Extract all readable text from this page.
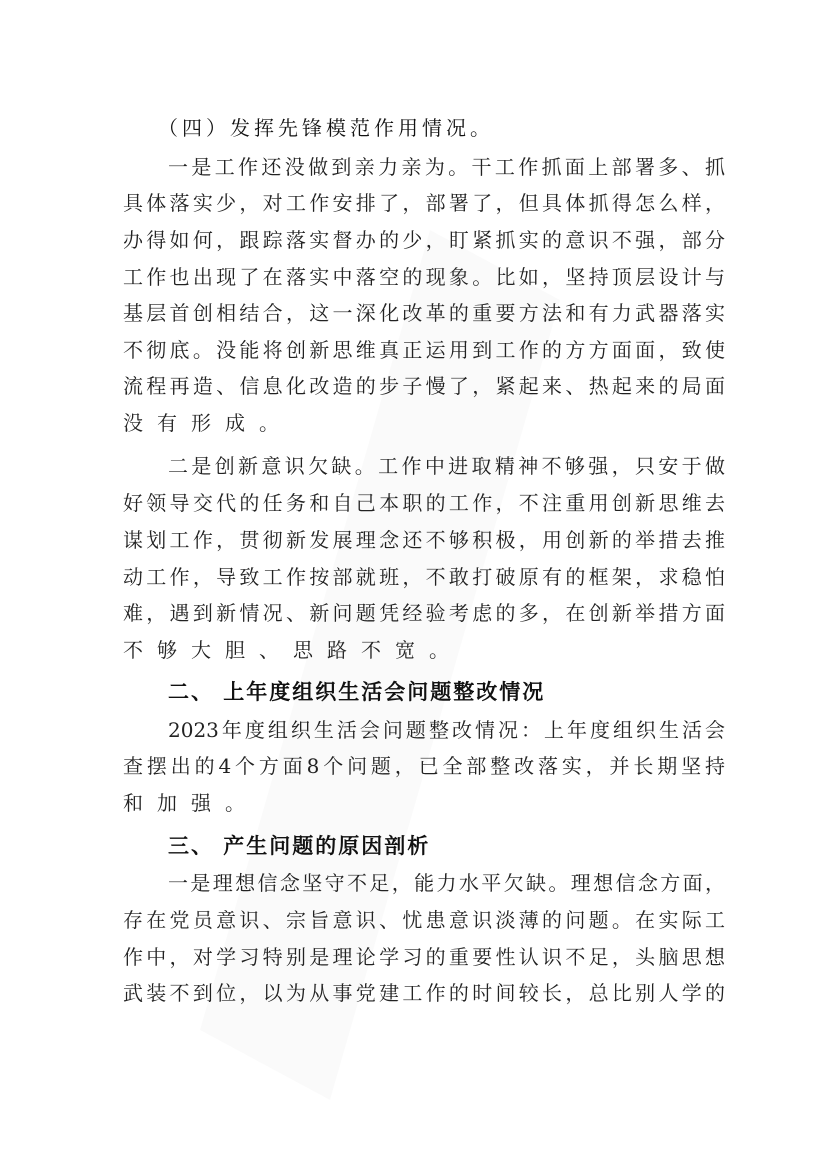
（四）发挥先锋模范作用情况。
一是工作还没做到亲力亲为。干工作抓面上部署多、抓
具体落实少，对工作安排了，部署了，但具体抓得怎么样，
办得如何，跟踪落实督办的少，盯紧抓实的意识不强，部分
工作也出现了在落实中落空的现象。比如，坚持顶层设计与
基层首创相结合，这一深化改革的重要方法和有力武器落实
不彻底。没能将创新思维真正运用到工作的方方面面，致使
流程再造、信息化改造的步子慢了，紧起来、热起来的局面
没有形成。
二是创新意识欠缺。工作中进取精神不够强，只安于做
好领导交代的任务和自己本职的工作，不注重用创新思维去
谋划工作，贯彻新发展理念还不够积极，用创新的举措去推
动工作，导致工作按部就班，不敢打破原有的框架，求稳怕
难，遇到新情况、新问题凭经验考虑的多，在创新举措方面
不够大胆、思路不宽。
二、 上年度组织生活会问题整改情况
2023年度组织生活会问题整改情况：上年度组织生活会
查摆出的4个方面8个问题，已全部整改落实，并长期坚持
和加强。
三、 产生问题的原因剖析
一是理想信念坚守不足，能力水平欠缺。理想信念方面，
存在党员意识、宗旨意识、忧患意识淡薄的问题。在实际工
作中，对学习特别是理论学习的重要性认识不足，头脑思想
武装不到位，以为从事党建工作的时间较长，总比别人学的
